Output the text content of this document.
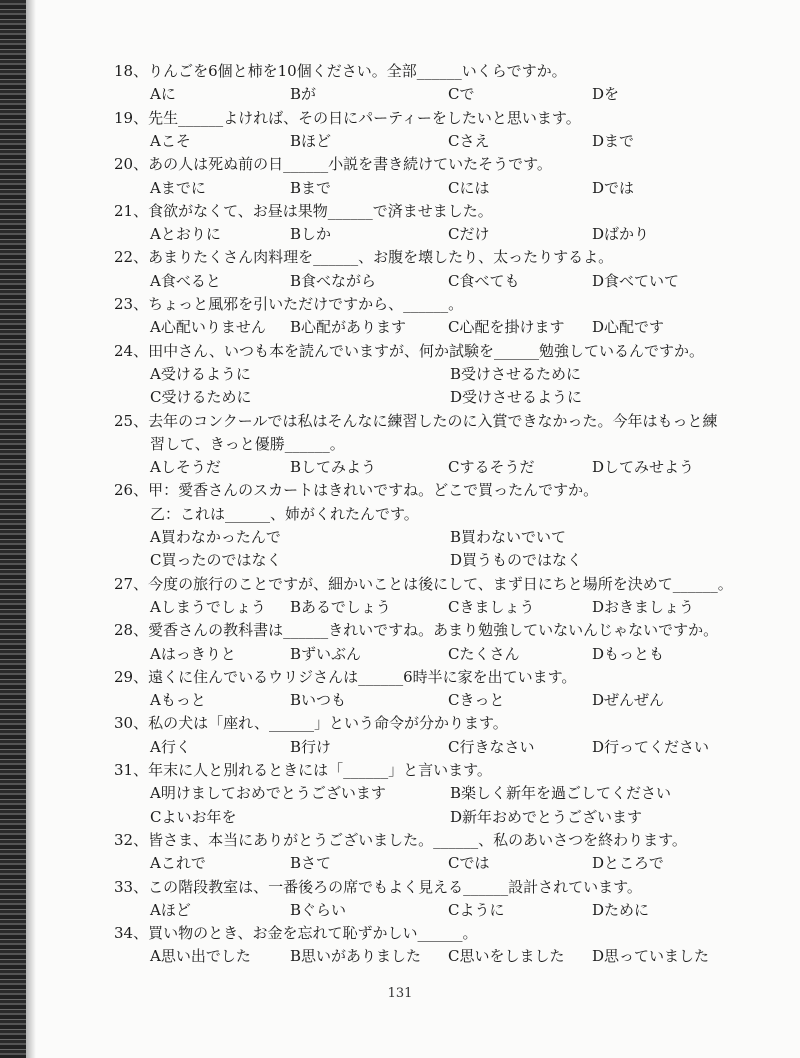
18、りんごを6個と柿を10個ください。全部______いくらですか。
Aに	Bが	Cで	Dを
19、先生______よければ、その日にパーティーをしたいと思います。
Aこそ	Bほど	Cさえ	Dまで
20、あの人は死ぬ前の日______小説を書き続けていたそうです。
Aまでに	Bまで	Cには	Dでは
21、食欲がなくて、お昼は果物______で済ませました。
Aとおりに	Bしか	Cだけ	Dばかり
22、あまりたくさん肉料理を______、お腹を壊したり、太ったりするよ。
A食べると	B食べながら	C食べても	D食べていて
23、ちょっと風邪を引いただけですから、______。
A心配いりません B心配があります	C心配を掛けます D心配です
24、田中さん、いつも本を読んでいますが、何か試験を______勉強しているんですか。
A受けるように	B受けさせるために
C受けるために	D受けさせるように
25、去年のコンクールでは私はそんなに練習したのに入賞できなかった。今年はもっと練
習して、きっと優勝______。
Aしそうだ	Bしてみよう	Cするそうだ	Dしてみせよう
26、甲：愛香さんのスカートはきれいですね。どこで買ったんですか。
乙：これは______、姉がくれたんです。
A買わなかったんで	B買わないでいて
C買ったのではなく	D買うものではなく
27、今度の旅行のことですが、細かいことは後にして、まず日にちと場所を決めて______。
Aしまうでしょう Bあるでしょう	Cきましょう	Dおきましょう
28、愛香さんの教科書は______きれいですね。あまり勉強していないんじゃないですか。
Aはっきりと	Bずいぶん	Cたくさん	Dもっとも
29、遠くに住んでいるウリジさんは______6時半に家を出ています。
Aもっと	Bいつも	Cきっと	Dぜんぜん
30、私の犬は「座れ、______」という命令が分かります。
A行く	B行け	C行きなさい	D行ってください
31、年末に人と別れるときには「______」と言います。
A明けましておめでとうございます	B楽しく新年を過ごしてください
Cよいお年を	D新年おめでとうございます
32、皆さま、本当にありがとうございました。______、私のあいさつを終わります。
Aこれで	Bさて	Cでは	Dところで
33、この階段教室は、一番後ろの席でもよく見える______設計されています。
Aほど	Bぐらい	Cように	Dために
34、買い物のとき、お金を忘れて恥ずかしい______。
A思い出でした	B思いがありました C思いをしました D思っていました
131
